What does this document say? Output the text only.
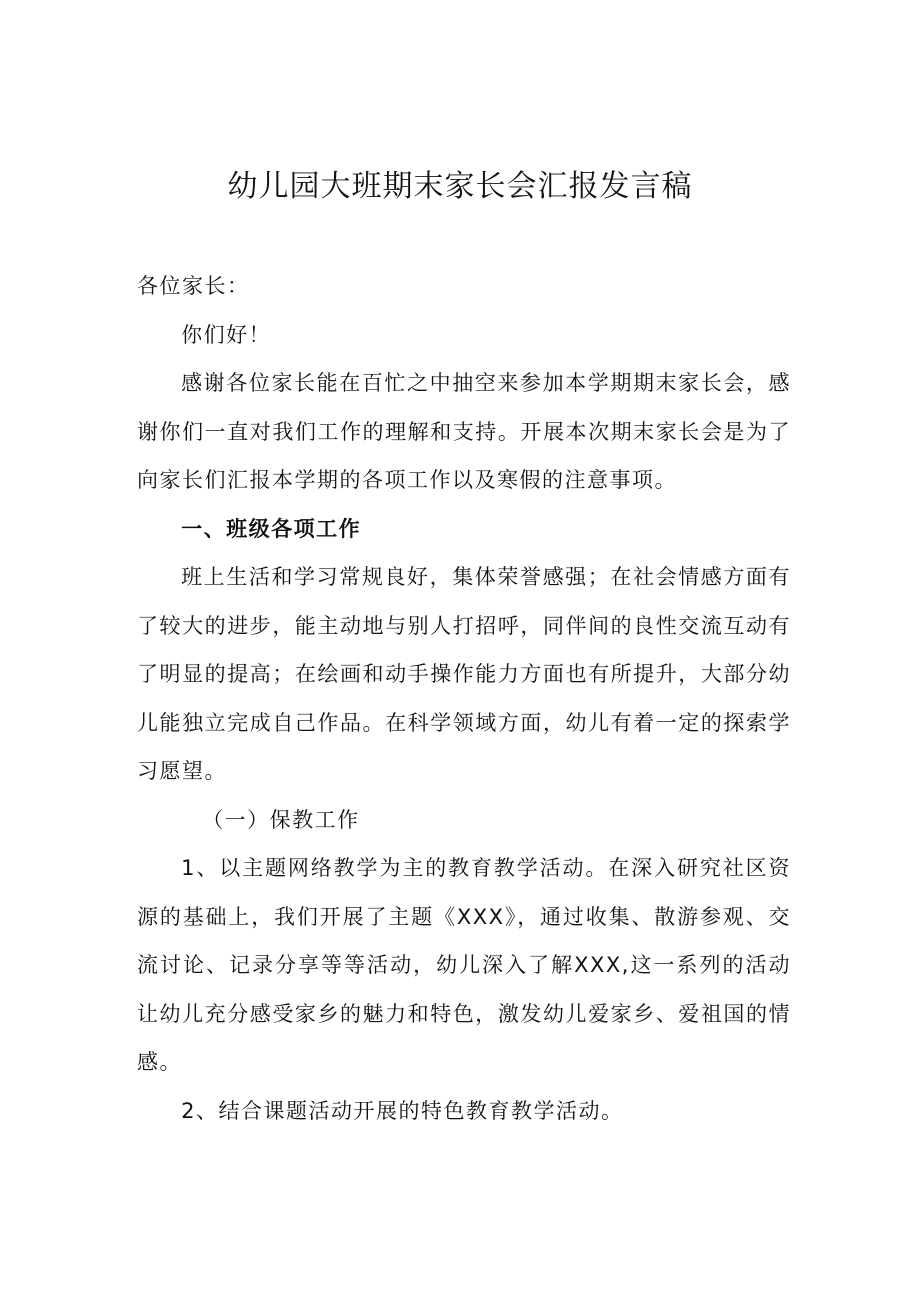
幼儿园大班期末家长会汇报发言稿

各位家长：

你们好！

感谢各位家长能在百忙之中抽空来参加本学期期末家长会，感谢你们一直对我们工作的理解和支持。开展本次期末家长会是为了向家长们汇报本学期的各项工作以及寒假的注意事项。

一、班级各项工作

班上生活和学习常规良好，集体荣誉感强；在社会情感方面有了较大的进步，能主动地与别人打招呼，同伴间的良性交流互动有了明显的提高；在绘画和动手操作能力方面也有所提升，大部分幼儿能独立完成自己作品。在科学领域方面，幼儿有着一定的探索学习愿望。

（一）保教工作

1、以主题网络教学为主的教育教学活动。在深入研究社区资源的基础上，我们开展了主题《XXX》，通过收集、散游参观、交流讨论、记录分享等等活动，幼儿深入了解XXX,这一系列的活动让幼儿充分感受家乡的魅力和特色，激发幼儿爱家乡、爱祖国的情感。

2、结合课题活动开展的特色教育教学活动。
